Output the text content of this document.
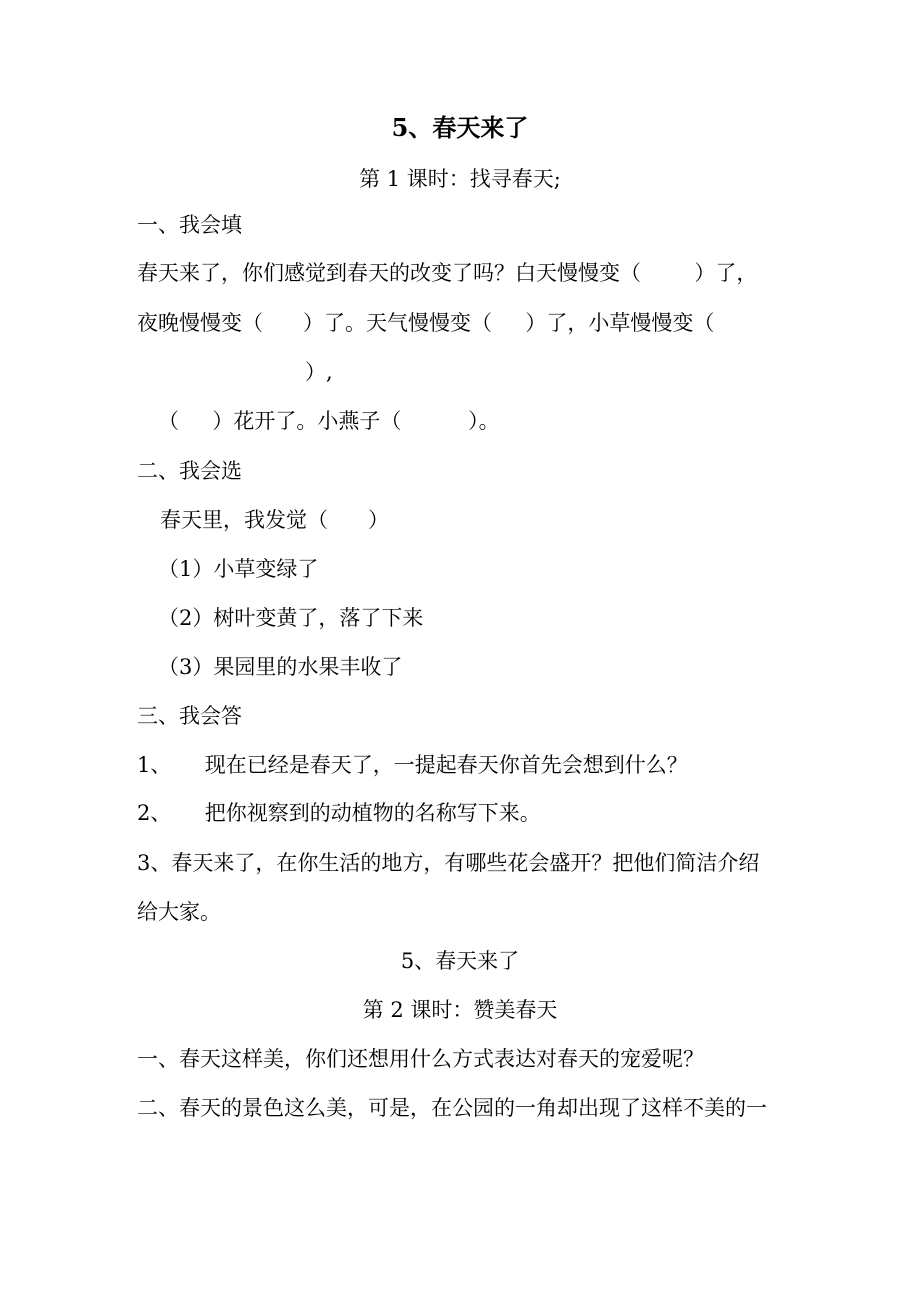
5、春天来了

第 1 课时：找寻春天;

一、我会填

春天来了，你们感觉到春天的改变了吗？白天慢慢变（        ）了，

夜晚慢慢变（      ）了。天气慢慢变（     ）了，小草慢慢变（

）,

（     ）花开了。小燕子（          ）。

二、我会选

春天里，我发觉（      ）

（1）小草变绿了

（2）树叶变黄了，落了下来

（3）果园里的水果丰收了

三、我会答

1、     现在已经是春天了，一提起春天你首先会想到什么？

2、     把你视察到的动植物的名称写下来。

3、春天来了，在你生活的地方，有哪些花会盛开？把他们简洁介绍

给大家。

5、春天来了

第 2 课时：赞美春天

一、春天这样美，你们还想用什么方式表达对春天的宠爱呢？

二、春天的景色这么美，可是，在公园的一角却出现了这样不美的一
